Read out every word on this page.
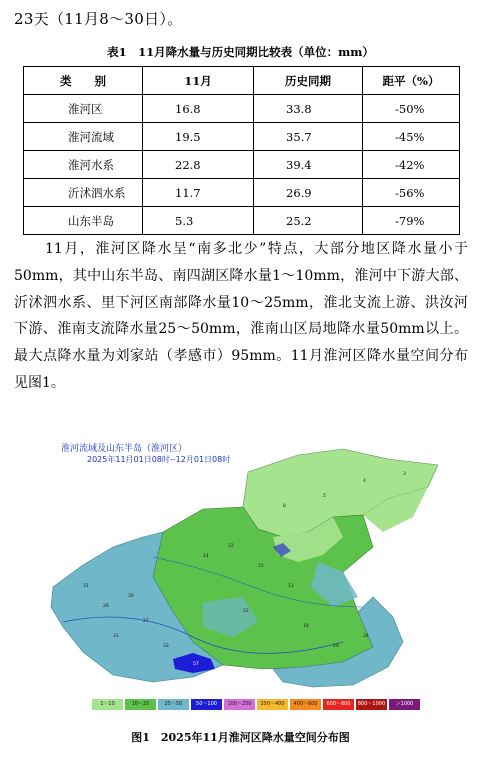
23天（11月8～30日）。
表1　11月降水量与历史同期比较表（单位：mm）
类　　别	11月	历史同期	距平（%）
淮河区	16.8	33.8	-50%
淮河流域	19.5	35.7	-45%
淮河水系	22.8	39.4	-42%
沂沭泗水系	11.7	26.9	-56%
山东半岛	5.3	25.2	-79%
11月，淮河区降水呈“南多北少”特点，大部分地区降水量小于50mm，其中山东半岛、南四湖区降水量1～10mm，淮河中下游大部、沂沭泗水系、里下河区南部降水量10～25mm，淮北支流上游、洪汝河下游、淮南支流降水量25～50mm，淮南山区局地降水量50mm以上。最大点降水量为刘家站（孝感市）95mm。11月淮河区降水量空间分布见图1。
21
26
30
27
31
33
14
12
15
13
22
18
29
34
5
4
3
8
57
淮河流域及山东半岛（淮河区）
2025年11月01日08时--12月01日08时
1～10	10～25	25～50	50～100	100～250	250～400	400～600	600～800	800～1000	＞1000
图1　2025年11月淮河区降水量空间分布图
